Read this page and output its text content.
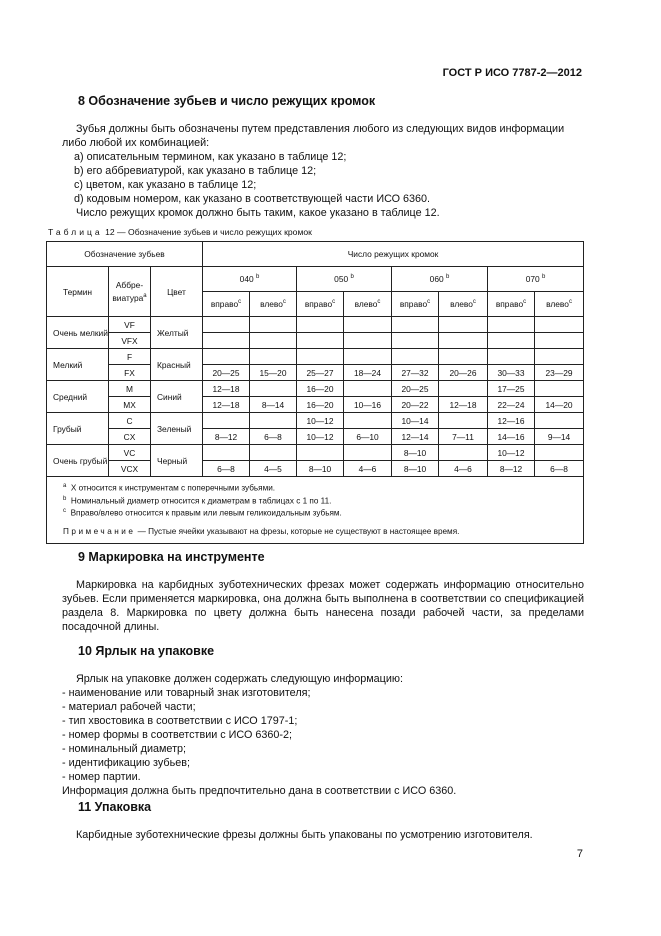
ГОСТ Р ИСО 7787-2—2012
8 Обозначение зубьев и число режущих кромок
Зубья должны быть обозначены путем представления любого из следующих видов информации
либо любой их комбинацией:
a) описательным термином, как указано в таблице 12;
b) его аббревиатурой, как указано в таблице 12;
c) цветом, как указано в таблице 12;
d) кодовым номером, как указано в соответствующей части ИСО 6360.
Число режущих кромок должно быть таким, какое указано в таблице 12.
Таблица 12 — Обозначение зубьев и число режущих кромок
Обозначение зубьев			Число режущих кромок							
Термин	Аббре-виатура$^a$	Цвет	040 $^b$		050 $^b$		060 $^b$		070 $^b$
			вправо$^c$	влево$^c$	вправо$^c$	влево$^c$	вправо$^c$	влево$^c$	вправо$^c$	влево$^c$
Очень мелкий	VF	Желтый								
	VFX									
Мелкий	F	Красный								
	FX		20—25	15—20	25—27	18—24	27—32	20—26	30—33	23—29
Средний	M	Синий	12—18		16—20		20—25		17—25	
	MX		12—18	8—14	16—20	10—16	20—22	12—18	22—24	14—20
Грубый	C	Зеленый			10—12		10—14		12—16	
	CX		8—12	6—8	10—12	6—10	12—14	7—11	14—16	9—14
Очень грубый	VC	Черный					8—10		10—12	
	VCX		6—8	4—5	8—10	4—6	8—10	4—6	8—12	6—8

$^a$ X относится к инструментам с поперечными зубьями.
$^b$ Номинальный диаметр относится к диаметрам в таблицах с 1 по 11.
$^c$ Вправо/влево относится к правым или левым геликоидальным зубьям.
Примечание — Пустые ячейки указывают на фрезы, которые не существуют в настоящее время.										
9 Маркировка на инструменте
Маркировка на карбидных зуботехнических фрезах может содержать информацию относительно зубьев. Если применяется маркировка, она должна быть выполнена в соответствии со спецификацией раздела 8. Маркировка по цвету должна быть нанесена позади рабочей части, за пределами посадочной длины.
10 Ярлык на упаковке
Ярлык на упаковке должен содержать следующую информацию:
- наименование или товарный знак изготовителя;
- материал рабочей части;
- тип хвостовика в соответствии с ИСО 1797-1;
- номер формы в соответствии с ИСО 6360-2;
- номинальный диаметр;
- идентификацию зубьев;
- номер партии.
Информация должна быть предпочтительно дана в соответствии с ИСО 6360.
11 Упаковка
Карбидные зуботехнические фрезы должны быть упакованы по усмотрению изготовителя.
7
